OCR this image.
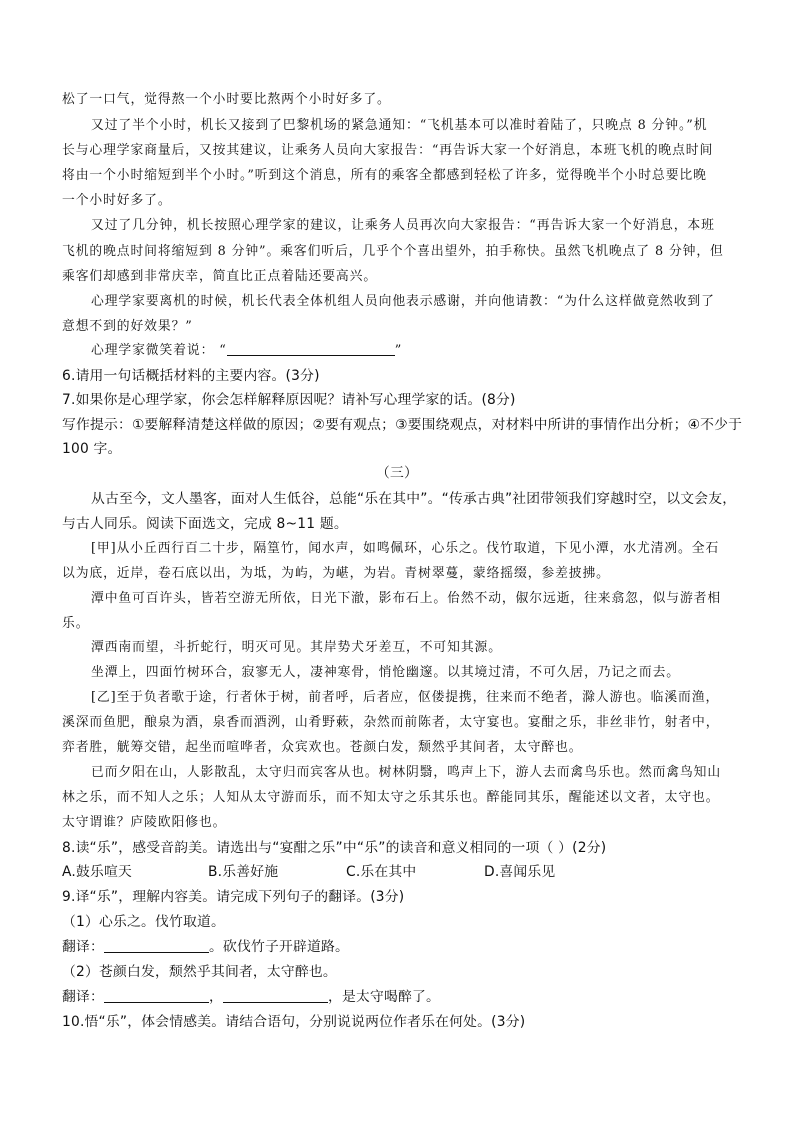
松了一口气，觉得熬一个小时要比熬两个小时好多了。
又过了半个小时，机长又接到了巴黎机场的紧急通知：“飞机基本可以准时着陆了，只晚点 8 分钟。”机
长与心理学家商量后，又按其建议，让乘务人员向大家报告：“再告诉大家一个好消息，本班飞机的晚点时间
将由一个小时缩短到半个小时。”听到这个消息，所有的乘客全都感到轻松了许多，觉得晚半个小时总要比晚
一个小时好多了。
又过了几分钟，机长按照心理学家的建议，让乘务人员再次向大家报告：“再告诉大家一个好消息，本班
飞机的晚点时间将缩短到 8 分钟”。乘客们听后，几乎个个喜出望外，拍手称快。虽然飞机晚点了 8 分钟，但
乘客们却感到非常庆幸，简直比正点着陆还要高兴。
心理学家要离机的时候，机长代表全体机组人员向他表示感谢，并向他请教：“为什么这样做竟然收到了
意想不到的好效果？”
心理学家微笑着说： “	”
6.请用一句话概括材料的主要内容。(3分)
7.如果你是心理学家，你会怎样解释原因呢？请补写心理学家的话。(8分)
写作提示：①要解释清楚这样做的原因；②要有观点；③要围绕观点，对材料中所讲的事情作出分析；④不少于
100 字。
（三）
从古至今，文人墨客，面对人生低谷，总能“乐在其中”。“传承古典”社团带领我们穿越时空，以文会友，
与古人同乐。阅读下面选文，完成 8~11 题。
[甲]从小丘西行百二十步，隔篁竹，闻水声，如鸣佩环，心乐之。伐竹取道，下见小潭，水尤清冽。全石
以为底，近岸，卷石底以出，为坻，为屿，为嵁，为岩。青树翠蔓，蒙络摇缀，参差披拂。
潭中鱼可百许头，皆若空游无所依，日光下澈，影布石上。佁然不动，俶尔远逝，往来翕忽，似与游者相
乐。
潭西南而望，斗折蛇行，明灭可见。其岸势犬牙差互，不可知其源。
坐潭上，四面竹树环合，寂寥无人，凄神寒骨，悄怆幽邃。以其境过清，不可久居，乃记之而去。
[乙]至于负者歌于途，行者休于树，前者呼，后者应，伛偻提携，往来而不绝者，滁人游也。临溪而渔，
溪深而鱼肥，酿泉为酒，泉香而酒洌，山肴野蔌，杂然而前陈者，太守宴也。宴酣之乐，非丝非竹，射者中，
弈者胜，觥筹交错，起坐而喧哗者，众宾欢也。苍颜白发，颓然乎其间者，太守醉也。
已而夕阳在山，人影散乱，太守归而宾客从也。树林阴翳，鸣声上下，游人去而禽鸟乐也。然而禽鸟知山
林之乐，而不知人之乐；人知从太守游而乐，而不知太守之乐其乐也。醉能同其乐，醒能述以文者，太守也。
太守谓谁？庐陵欧阳修也。
8.读“乐”，感受音韵美。请选出与“宴酣之乐”中“乐”的读音和意义相同的一项（ ）(2分)
A.鼓乐喧天	B.乐善好施	C.乐在其中	D.喜闻乐见
9.译“乐”，理解内容美。请完成下列句子的翻译。(3分)
（1）心乐之。伐竹取道。
翻译：	。砍伐竹子开辟道路。
（2）苍颜白发，颓然乎其间者，太守醉也。
翻译：	，	，是太守喝醉了。
10.悟“乐”，体会情感美。请结合语句，分别说说两位作者乐在何处。(3分)
